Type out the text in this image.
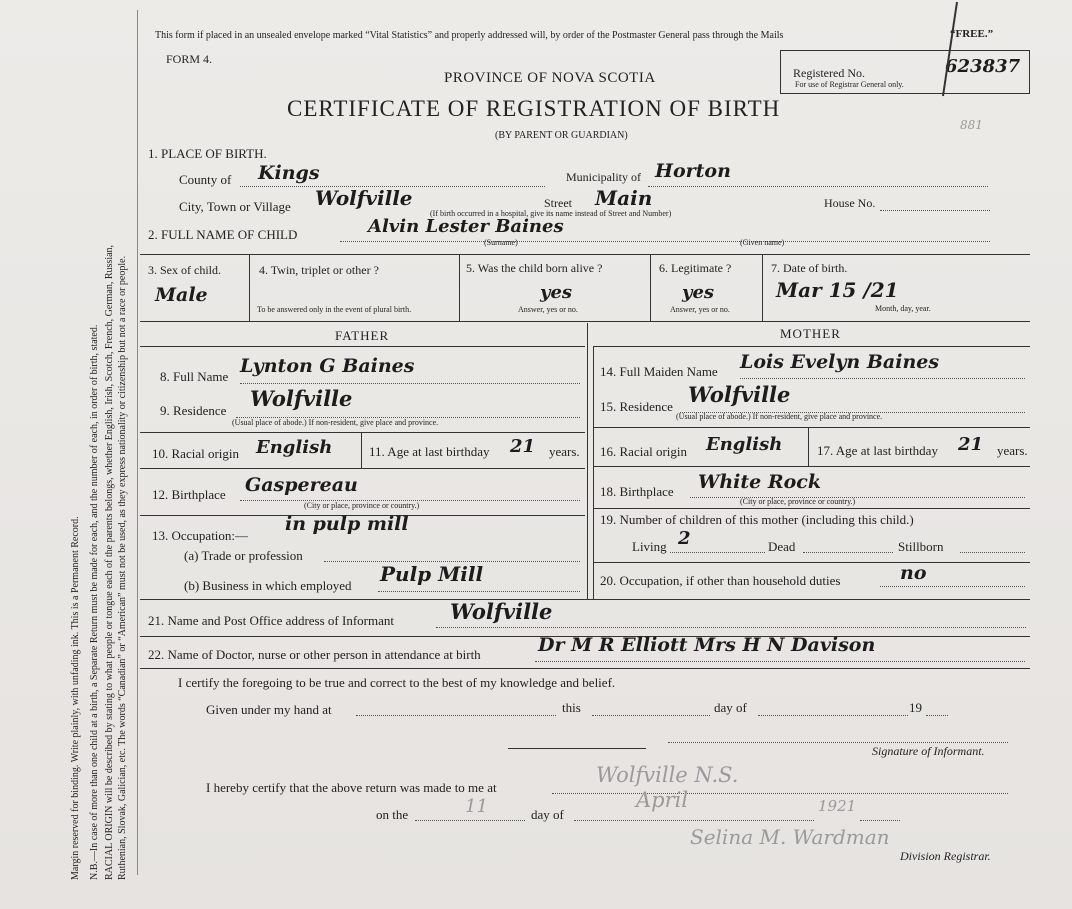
Margin reserved for binding. Write plainly, with unfading ink. This is a Permanent Record. N.B.—In case of more than one child at a birth, a Separate Return must be made for each, and the number of each, in order of birth, stated. RACIAL ORIGIN will be described by stating to what people or tongue each of the parents belongs, whether English, Irish, Scotch, French, German, Russian, Ruthenian, Slovak, Galician, etc. The words “Canadian” or “American” must not be used, as they express nationality or citizenship but not a race or people.
This form if placed in an unsealed envelope marked “Vital Statistics” and properly addressed will, by order of the Postmaster General pass through the Mails	“FREE.”
FORM 4.
PROVINCE OF NOVA SCOTIA
CERTIFICATE OF REGISTRATION OF BIRTH
(BY PARENT OR GUARDIAN)
Registered No.	623837
For use of Registrar General only.
881
1. PLACE OF BIRTH.
County of Kings	Municipality of Horton
City, Town or Village Wolfville	Street Main	House No.
(If birth occurred in a hospital, give its name instead of Street and Number)
2. FULL NAME OF CHILD	Alvin Lester Baines
(Surname)	(Given name)
3. Sex of child.
Male
4. Twin, triplet or other ?
To be answered only in the event of plural birth.
5. Was the child born alive ?
yes
Answer, yes or no.
6. Legitimate ?
yes
Answer, yes or no.
7. Date of birth.
Mar 15 /21
Month, day, year.
FATHER	MOTHER
8. Full Name Lynton G Baines
9. Residence Wolfville
(Usual place of abode.) If non-resident, give place and province.
10. Racial origin English	11. Age at last birthday 21 years.
12. Birthplace Gaspereau
(City or place, province or country.)
13. Occupation:—
in pulp mill
(a) Trade or profession
(b) Business in which employed Pulp Mill
14. Full Maiden Name Lois Evelyn Baines
15. Residence Wolfville
(Usual place of abode.) If non-resident, give place and province.
16. Racial origin English	17. Age at last birthday 21 years.
18. Birthplace White Rock
(City or place, province or country.)
19. Number of children of this mother (including this child.)
Living 2	Dead	Stillborn
20. Occupation, if other than household duties	no
21. Name and Post Office address of Informant	Wolfville
22. Name of Doctor, nurse or other person in attendance at birth	Dr M R Elliott Mrs H N Davison
I certify the foregoing to be true and correct to the best of my knowledge and belief.
Given under my hand at	this	day of	19
Signature of Informant.
I hereby certify that the above return was made to me at
Wolfville N.S.
on the	11	day of
April	1921
Selina M. Wardman
Division Registrar.
